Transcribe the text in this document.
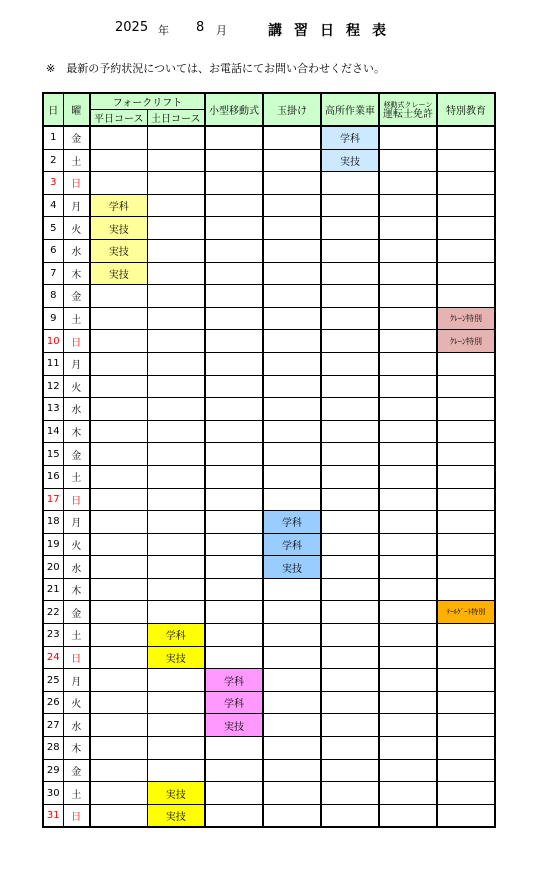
2025 年 8 月	講習日程表
※　最新の予約状況については、お電話にてお問い合わせください。
日	曜	フォークリフト		小型移動式	玉掛け	高所作業車	移動式クレーン
運転士免許	特別教育
		平日コース	土日コース					
1	金					学科		
2	土					実技		
3	日							
4	月	学科						
5	火	実技						
6	水	実技						
7	木	実技						
8	金							
9	土							ｸﾚｰﾝ特別
10	日							ｸﾚｰﾝ特別
11	月							
12	火							
13	水							
14	木							
15	金							
16	土							
17	日							
18	月				学科			
19	火				学科			
20	水				実技			
21	木							
22	金							ﾃｰﾙｹﾞｰﾄ特別
23	土		学科					
24	日		実技					
25	月			学科				
26	火			学科				
27	水			実技				
28	木							
29	金							
30	土		実技					
31	日		実技					
